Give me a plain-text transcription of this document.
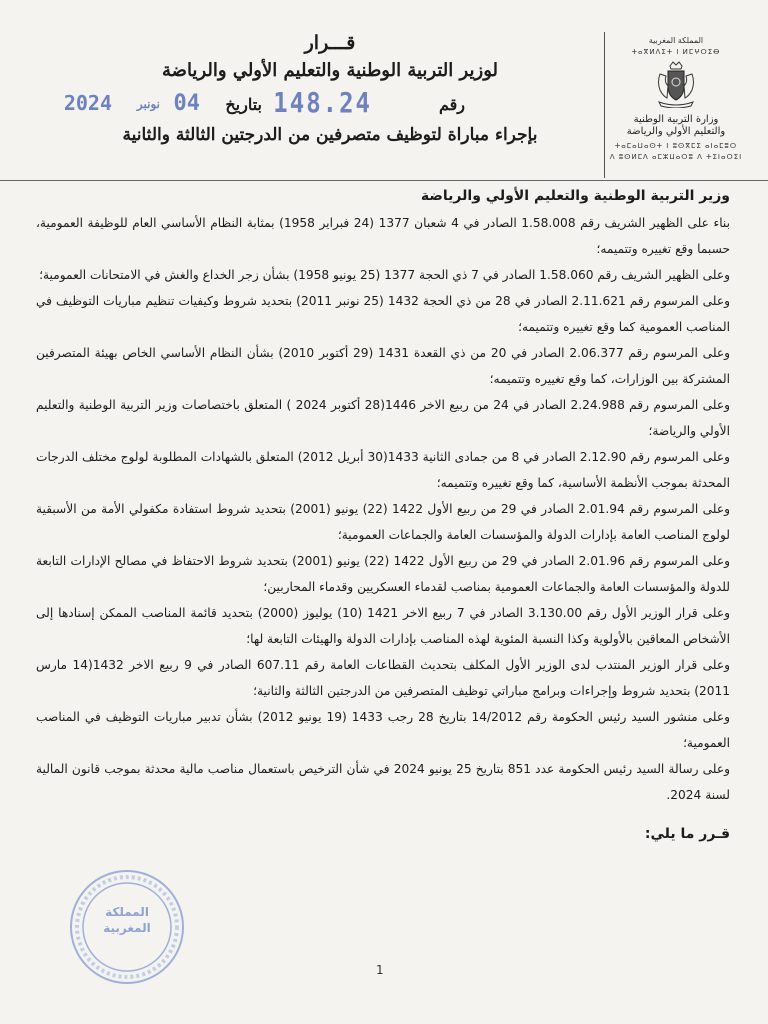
المملكة المغربية
ⵜⴰⴳⵍⴷⵉⵜ ⵏ ⵍⵎⵖⵔⵉⴱ
وزارة التربية الوطنية
والتعليم الأولي والرياضة
ⵜⴰⵎⴰⵡⴰⵙⵜ ⵏ ⵓⵙⴳⵎⵉ ⴰⵏⴰⵎⵓⵔ
ⴷ ⵓⵙⵍⵎⴷ ⴰⵎⵣⵡⴰⵔⵓ ⴷ ⵜⵉⵏⴰⵔⵉⵏ
قـــرار
لوزير التربية الوطنية والتعليم الأولي والرياضة
رقم
148.24
بتاريخ
04
نونبر
2024
بإجراء مباراة لتوظيف متصرفين من الدرجتين الثالثة والثانية
وزير التربية الوطنية والتعليم الأولي والرياضة

بناء على الظهير الشريف رقم 1.58.008 الصادر في 4 شعبان 1377 (24 فبراير 1958) بمثابة النظام الأساسي العام للوظيفة العمومية، حسبما وقع تغييره وتتميمه؛

وعلى الظهير الشريف رقم 1.58.060 الصادر في 7 ذي الحجة 1377 (25 يونيو 1958) بشأن زجر الخداع والغش في الامتحانات العمومية؛

وعلى المرسوم رقم 2.11.621 الصادر في 28 من ذي الحجة 1432 (25 نونبر 2011) بتحديد شروط وكيفيات تنظيم مباريات التوظيف في المناصب العمومية كما وقع تغييره وتتميمه؛

وعلى المرسوم رقم 2.06.377 الصادر في 20 من ذي القعدة 1431 (29 أكتوبر 2010) بشأن النظام الأساسي الخاص بهيئة المتصرفين المشتركة بين الوزارات، كما وقع تغييره وتتميمه؛

وعلى المرسوم رقم 2.24.988 الصادر في 24 من ربيع الاخر 1446(28 أكتوبر 2024 ) المتعلق باختصاصات وزير التربية الوطنية والتعليم الأولي والرياضة؛

وعلى المرسوم رقم 2.12.90 الصادر في 8 من جمادى الثانية 1433(30 أبريل 2012) المتعلق بالشهادات المطلوبة لولوج مختلف الدرجات المحدثة بموجب الأنظمة الأساسية، كما وقع تغييره وتتميمه؛

وعلى المرسوم رقم 2.01.94 الصادر في 29 من ربيع الأول 1422 (22) يونيو (2001) بتحديد شروط استفادة مكفولي الأمة من الأسبقية لولوج المناصب العامة بإدارات الدولة والمؤسسات العامة والجماعات العمومية؛

وعلى المرسوم رقم 2.01.96 الصادر في 29 من ربيع الأول 1422 (22) يونيو (2001) بتحديد شروط الاحتفاظ في مصالح الإدارات التابعة للدولة والمؤسسات العامة والجماعات العمومية بمناصب لقدماء العسكريين وقدماء المحاربين؛

وعلى قرار الوزير الأول رقم 3.130.00 الصادر في 7 ربيع الاخر 1421 (10) يوليوز (2000) بتحديد قائمة المناصب الممكن إسنادها إلى الأشخاص المعاقين بالأولوية وكذا النسبة المئوية لهذه المناصب بإدارات الدولة والهيئات التابعة لها؛

وعلى قرار الوزير المنتدب لدى الوزير الأول المكلف بتحديث القطاعات العامة رقم 607.11 الصادر في 9 ربيع الاخر 1432(14 مارس 2011) بتحديد شروط وإجراءات وبرامج مباراتي توظيف المتصرفين من الدرجتين الثالثة والثانية؛

وعلى منشور السيد رئيس الحكومة رقم 14/2012 بتاريخ 28 رجب 1433 (19 يونيو 2012) بشأن تدبير مباريات التوظيف في المناصب العمومية؛

وعلى رسالة السيد رئيس الحكومة عدد 851 بتاريخ 25 يونيو 2024 في شأن الترخيص باستعمال مناصب مالية محدثة بموجب قانون المالية لسنة 2024.

قـرر ما يلي:
المملكة
المغربية
1
